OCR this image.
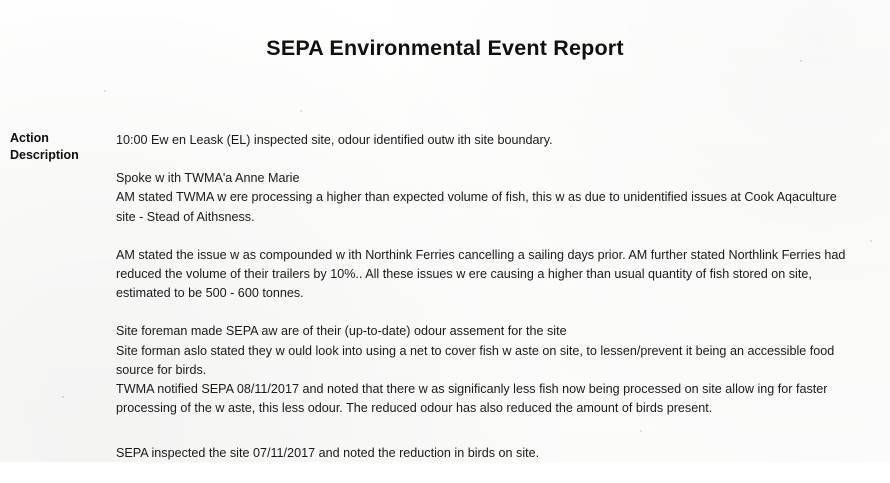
SEPA Environmental Event Report
Action
Description

10:00 Ew en Leask (EL) inspected site, odour identified outw ith site boundary.

Spoke w ith TWMA'a Anne Marie
AM stated TWMA w ere processing a higher than expected volume of fish, this w as due to unidentified issues at Cook Aqaculture site - Stead of Aithsness.

AM stated the issue w as compounded w ith Northink Ferries cancelling a sailing days prior. AM further stated Northlink Ferries had reduced the volume of their trailers by 10%.. All these issues w ere causing a higher than usual quantity of fish stored on site, estimated to be 500 - 600 tonnes.

Site foreman made SEPA aw are of their (up-to-date) odour assement for the site
Site forman aslo stated they w ould look into using a net to cover fish w aste on site, to lessen/prevent it being an accessible food source for birds.
TWMA notified SEPA 08/11/2017 and noted that there w as significanly less fish now being processed on site allow ing for faster processing of the w aste, this less odour. The reduced odour has also reduced the amount of birds present.

SEPA inspected the site 07/11/2017 and noted the reduction in birds on site.
